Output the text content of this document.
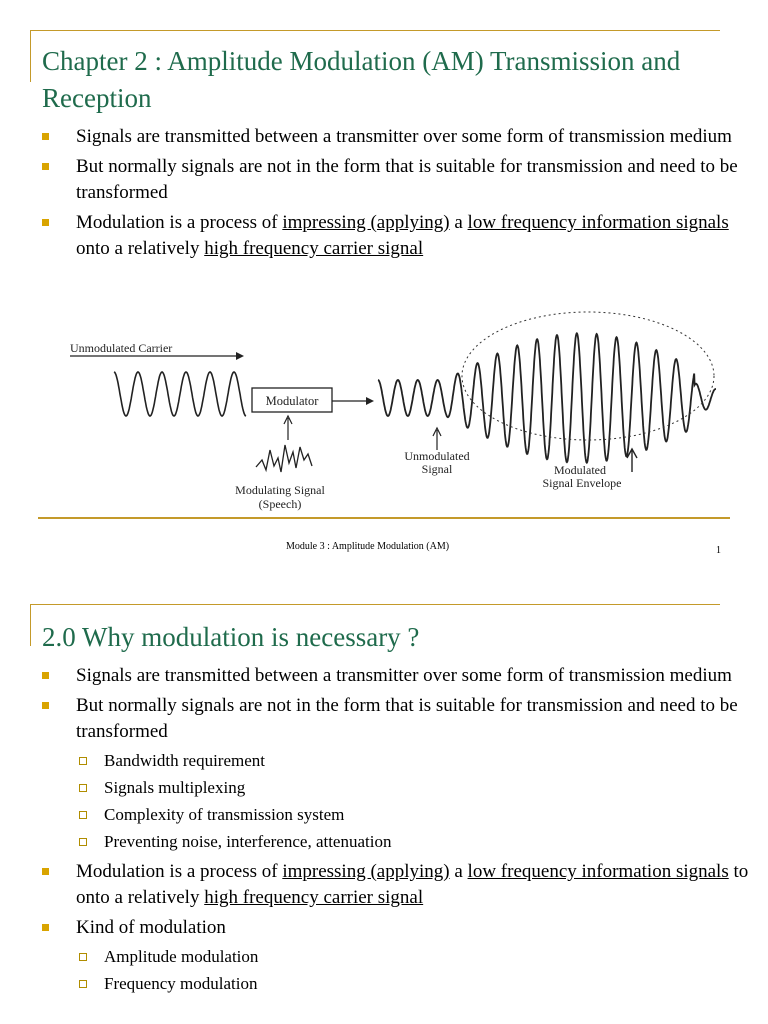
Chapter 2 : Amplitude Modulation (AM) Transmission and Reception
Signals are transmitted between a transmitter over some form of transmission medium
But normally signals are not in the form that is suitable for transmission and need to be transformed
Modulation is a process of impressing (applying) a low frequency information signals onto a relatively high frequency carrier signal
Unmodulated Carrier
Modulator
Modulating Signal
(Speech)
Unmodulated
Signal	Modulated
Signal Envelope
Module 3 : Amplitude Modulation (AM)	1
2.0 Why modulation is necessary ?
Signals are transmitted between a transmitter over some form of transmission medium
But normally signals are not in the form that is suitable for transmission and need to be transformed
Bandwidth requirement
Signals multiplexing
Complexity of transmission system
Preventing noise, interference, attenuation
Modulation is a process of impressing (applying) a low frequency information signals to onto a relatively high frequency carrier signal
Kind of modulation
Amplitude modulation
Frequency modulation
